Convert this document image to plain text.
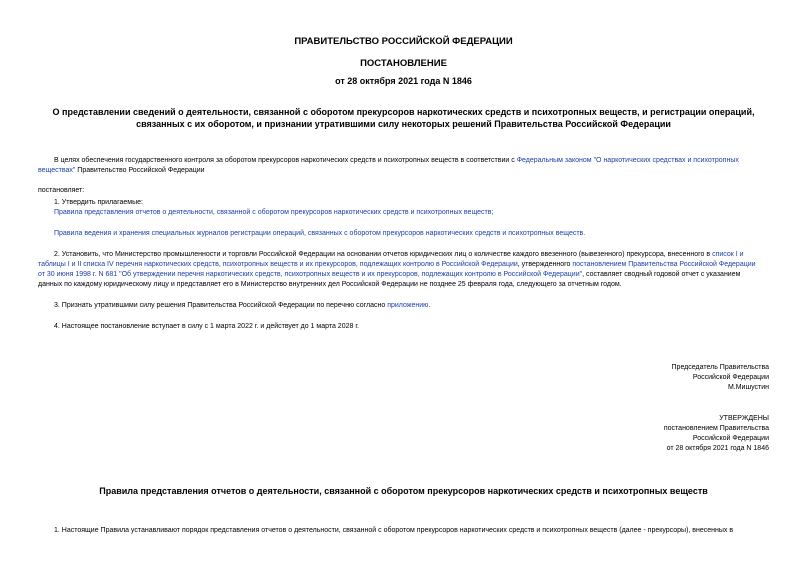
ПРАВИТЕЛЬСТВО РОССИЙСКОЙ ФЕДЕРАЦИИ
ПОСТАНОВЛЕНИЕ
от 28 октября 2021 года N 1846
О представлении сведений о деятельности, связанной с оборотом прекурсоров наркотических средств и психотропных веществ, и регистрации операций,
связанных с их оборотом, и признании утратившими силу некоторых решений Правительства Российской Федерации
В целях обеспечения государственного контроля за оборотом прекурсоров наркотических средств и психотропных веществ в соответствии с Федеральным законом "О наркотических средствах и психотропных
веществах" Правительство Российской Федерации
постановляет:
1. Утвердить прилагаемые:
Правила представления отчетов о деятельности, связанной с оборотом прекурсоров наркотических средств и психотропных веществ;
Правила ведения и хранения специальных журналов регистрации операций, связанных с оборотом прекурсоров наркотических средств и психотропных веществ.
2. Установить, что Министерство промышленности и торговли Российской Федерации на основании отчетов юридических лиц о количестве каждого ввезенного (вывезенного) прекурсора, внесенного в список I и
таблицы I и II списка IV перечня наркотических средств, психотропных веществ и их прекурсоров, подлежащих контролю в Российской Федерации, утвержденного постановлением Правительства Российской Федерации
от 30 июня 1998 г. N 681 "Об утверждении перечня наркотических средств, психотропных веществ и их прекурсоров, подлежащих контролю в Российской Федерации", составляет сводный годовой отчет с указанием
данных по каждому юридическому лицу и представляет его в Министерство внутренних дел Российской Федерации не позднее 25 февраля года, следующего за отчетным годом.
3. Признать утратившими силу решения Правительства Российской Федерации по перечню согласно приложению.
4. Настоящее постановление вступает в силу с 1 марта 2022 г. и действует до 1 марта 2028 г.
Председатель Правительства
Российской Федерации
М.Мишустин
УТВЕРЖДЕНЫ
постановлением Правительства
Российской Федерации
от 28 октября 2021 года N 1846
Правила представления отчетов о деятельности, связанной с оборотом прекурсоров наркотических средств и психотропных веществ
1. Настоящие Правила устанавливают порядок представления отчетов о деятельности, связанной с оборотом прекурсоров наркотических средств и психотропных веществ (далее - прекурсоры), внесенных в
